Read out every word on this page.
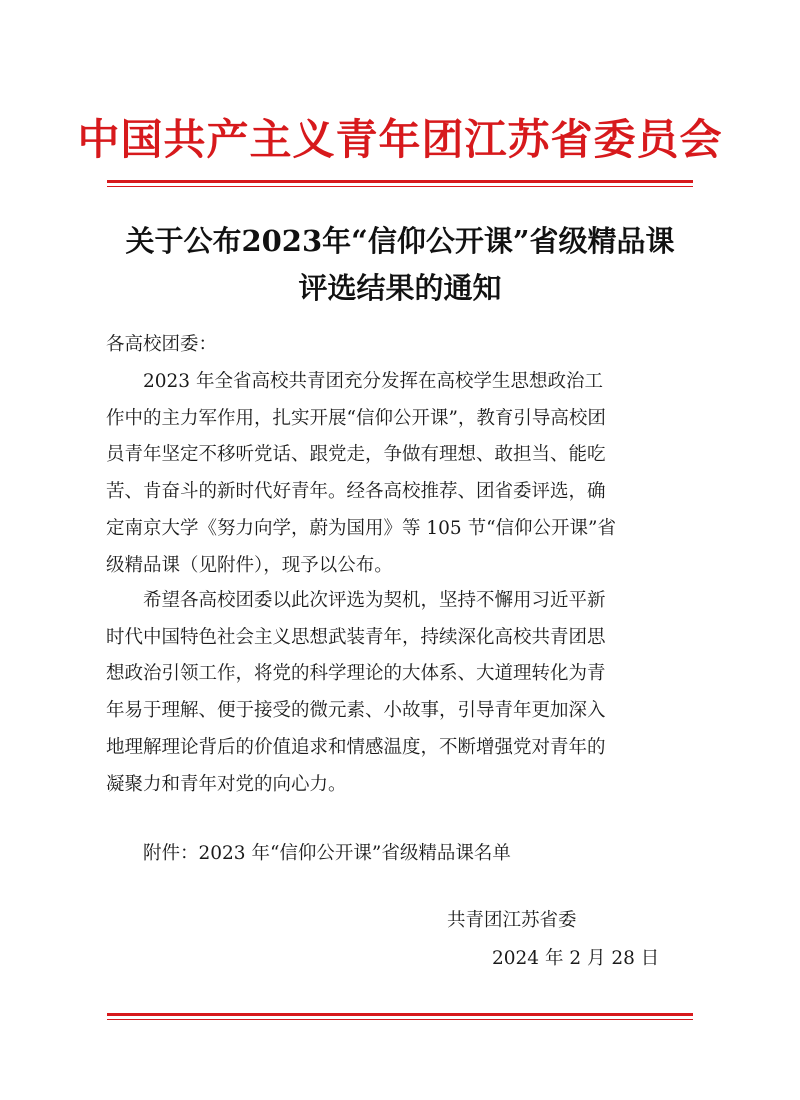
中国共产主义青年团江苏省委员会
关于公布2023年“信仰公开课”省级精品课
评选结果的通知
各高校团委：
2023 年全省高校共青团充分发挥在高校学生思想政治工
作中的主力军作用，扎实开展“信仰公开课”，教育引导高校团
员青年坚定不移听党话、跟党走，争做有理想、敢担当、能吃
苦、肯奋斗的新时代好青年。经各高校推荐、团省委评选，确
定南京大学《努力向学，蔚为国用》等 105 节“信仰公开课”省
级精品课（见附件），现予以公布。
希望各高校团委以此次评选为契机，坚持不懈用习近平新
时代中国特色社会主义思想武装青年，持续深化高校共青团思
想政治引领工作，将党的科学理论的大体系、大道理转化为青
年易于理解、便于接受的微元素、小故事，引导青年更加深入
地理解理论背后的价值追求和情感温度，不断增强党对青年的
凝聚力和青年对党的向心力。
附件：2023 年“信仰公开课”省级精品课名单
共青团江苏省委
2024 年 2 月 28 日
